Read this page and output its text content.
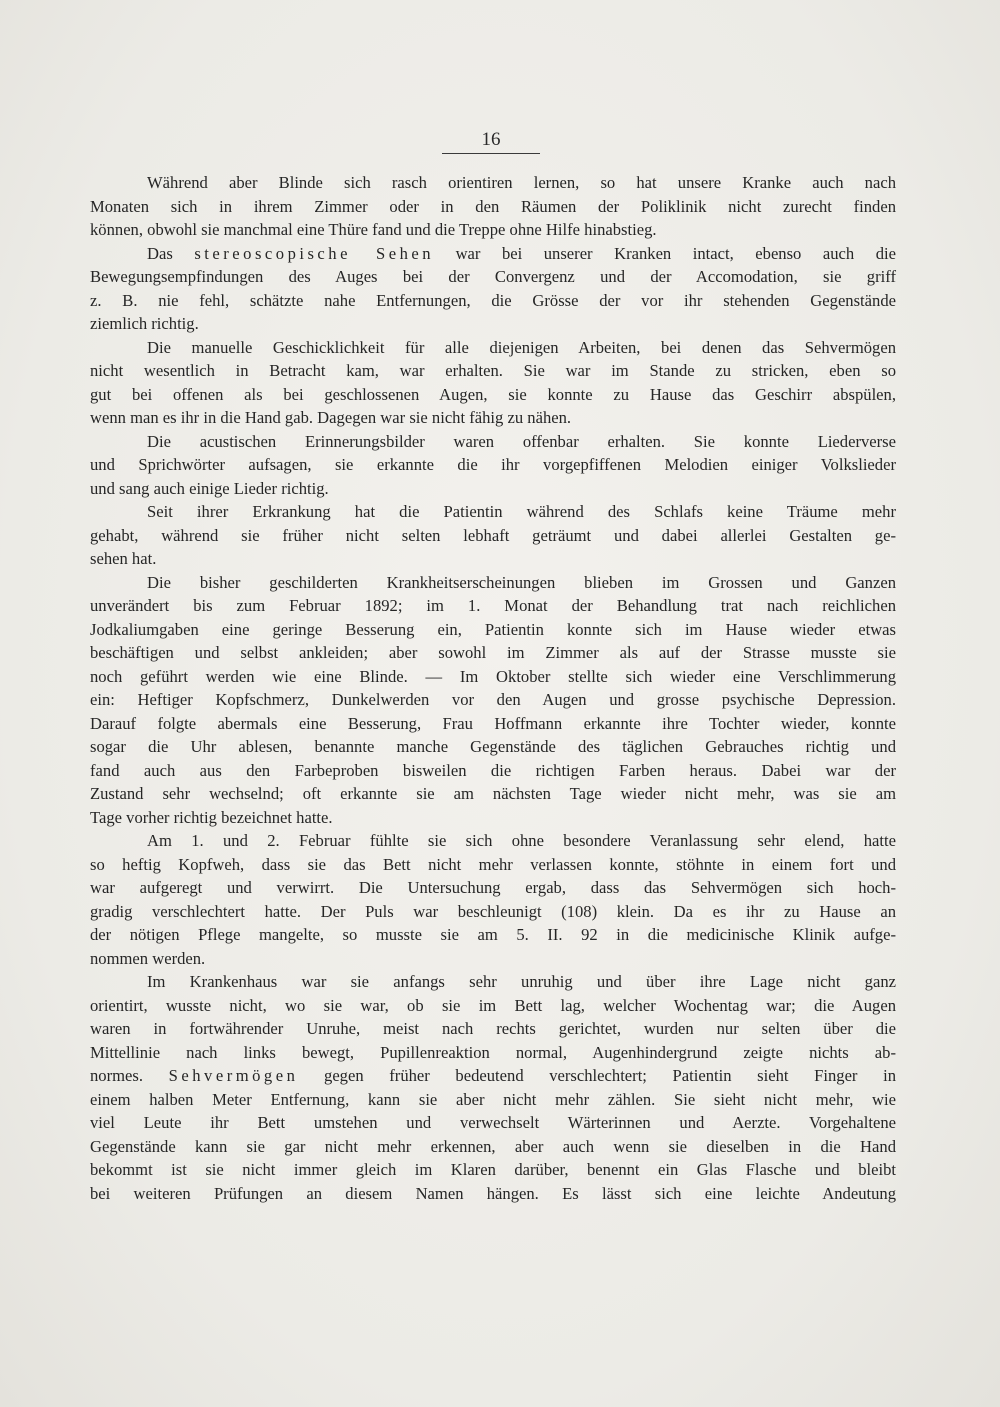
16
Während aber Blinde sich rasch orientiren lernen, so hat unsere Kranke auch nach
Monaten sich in ihrem Zimmer oder in den Räumen der Poliklinik nicht zurecht finden
können, obwohl sie manchmal eine Thüre fand und die Treppe ohne Hilfe hinabstieg.
Das stereoscopische Sehen war bei unserer Kranken intact, ebenso auch die
Bewegungsempfindungen des Auges bei der Convergenz und der Accomodation, sie griff
z. B. nie fehl, schätzte nahe Entfernungen, die Grösse der vor ihr stehenden Gegenstände
ziemlich richtig.
Die manuelle Geschicklichkeit für alle diejenigen Arbeiten, bei denen das Sehvermögen
nicht wesentlich in Betracht kam, war erhalten. Sie war im Stande zu stricken, eben so
gut bei offenen als bei geschlossenen Augen, sie konnte zu Hause das Geschirr abspülen,
wenn man es ihr in die Hand gab. Dagegen war sie nicht fähig zu nähen.
Die acustischen Erinnerungsbilder waren offenbar erhalten. Sie konnte Liederverse
und Sprichwörter aufsagen, sie erkannte die ihr vorgepfiffenen Melodien einiger Volkslieder
und sang auch einige Lieder richtig.
Seit ihrer Erkrankung hat die Patientin während des Schlafs keine Träume mehr
gehabt, während sie früher nicht selten lebhaft geträumt und dabei allerlei Gestalten ge-
sehen hat.
Die bisher geschilderten Krankheitserscheinungen blieben im Grossen und Ganzen
unverändert bis zum Februar 1892; im 1. Monat der Behandlung trat nach reichlichen
Jodkaliumgaben eine geringe Besserung ein, Patientin konnte sich im Hause wieder etwas
beschäftigen und selbst ankleiden; aber sowohl im Zimmer als auf der Strasse musste sie
noch geführt werden wie eine Blinde. — Im Oktober stellte sich wieder eine Verschlimmerung
ein: Heftiger Kopfschmerz, Dunkelwerden vor den Augen und grosse psychische Depression.
Darauf folgte abermals eine Besserung, Frau Hoffmann erkannte ihre Tochter wieder, konnte
sogar die Uhr ablesen, benannte manche Gegenstände des täglichen Gebrauches richtig und
fand auch aus den Farbeproben bisweilen die richtigen Farben heraus. Dabei war der
Zustand sehr wechselnd; oft erkannte sie am nächsten Tage wieder nicht mehr, was sie am
Tage vorher richtig bezeichnet hatte.
Am 1. und 2. Februar fühlte sie sich ohne besondere Veranlassung sehr elend, hatte
so heftig Kopfweh, dass sie das Bett nicht mehr verlassen konnte, stöhnte in einem fort und
war aufgeregt und verwirrt. Die Untersuchung ergab, dass das Sehvermögen sich hoch-
gradig verschlechtert hatte. Der Puls war beschleunigt (108) klein. Da es ihr zu Hause an
der nötigen Pflege mangelte, so musste sie am 5. II. 92 in die medicinische Klinik aufge-
nommen werden.
Im Krankenhaus war sie anfangs sehr unruhig und über ihre Lage nicht ganz
orientirt, wusste nicht, wo sie war, ob sie im Bett lag, welcher Wochentag war; die Augen
waren in fortwährender Unruhe, meist nach rechts gerichtet, wurden nur selten über die
Mittellinie nach links bewegt, Pupillenreaktion normal, Augenhindergrund zeigte nichts ab-
normes. Sehvermögen gegen früher bedeutend verschlechtert; Patientin sieht Finger in
einem halben Meter Entfernung, kann sie aber nicht mehr zählen. Sie sieht nicht mehr, wie
viel Leute ihr Bett umstehen und verwechselt Wärterinnen und Aerzte. Vorgehaltene
Gegenstände kann sie gar nicht mehr erkennen, aber auch wenn sie dieselben in die Hand
bekommt ist sie nicht immer gleich im Klaren darüber, benennt ein Glas Flasche und bleibt
bei weiteren Prüfungen an diesem Namen hängen. Es lässt sich eine leichte Andeutung
